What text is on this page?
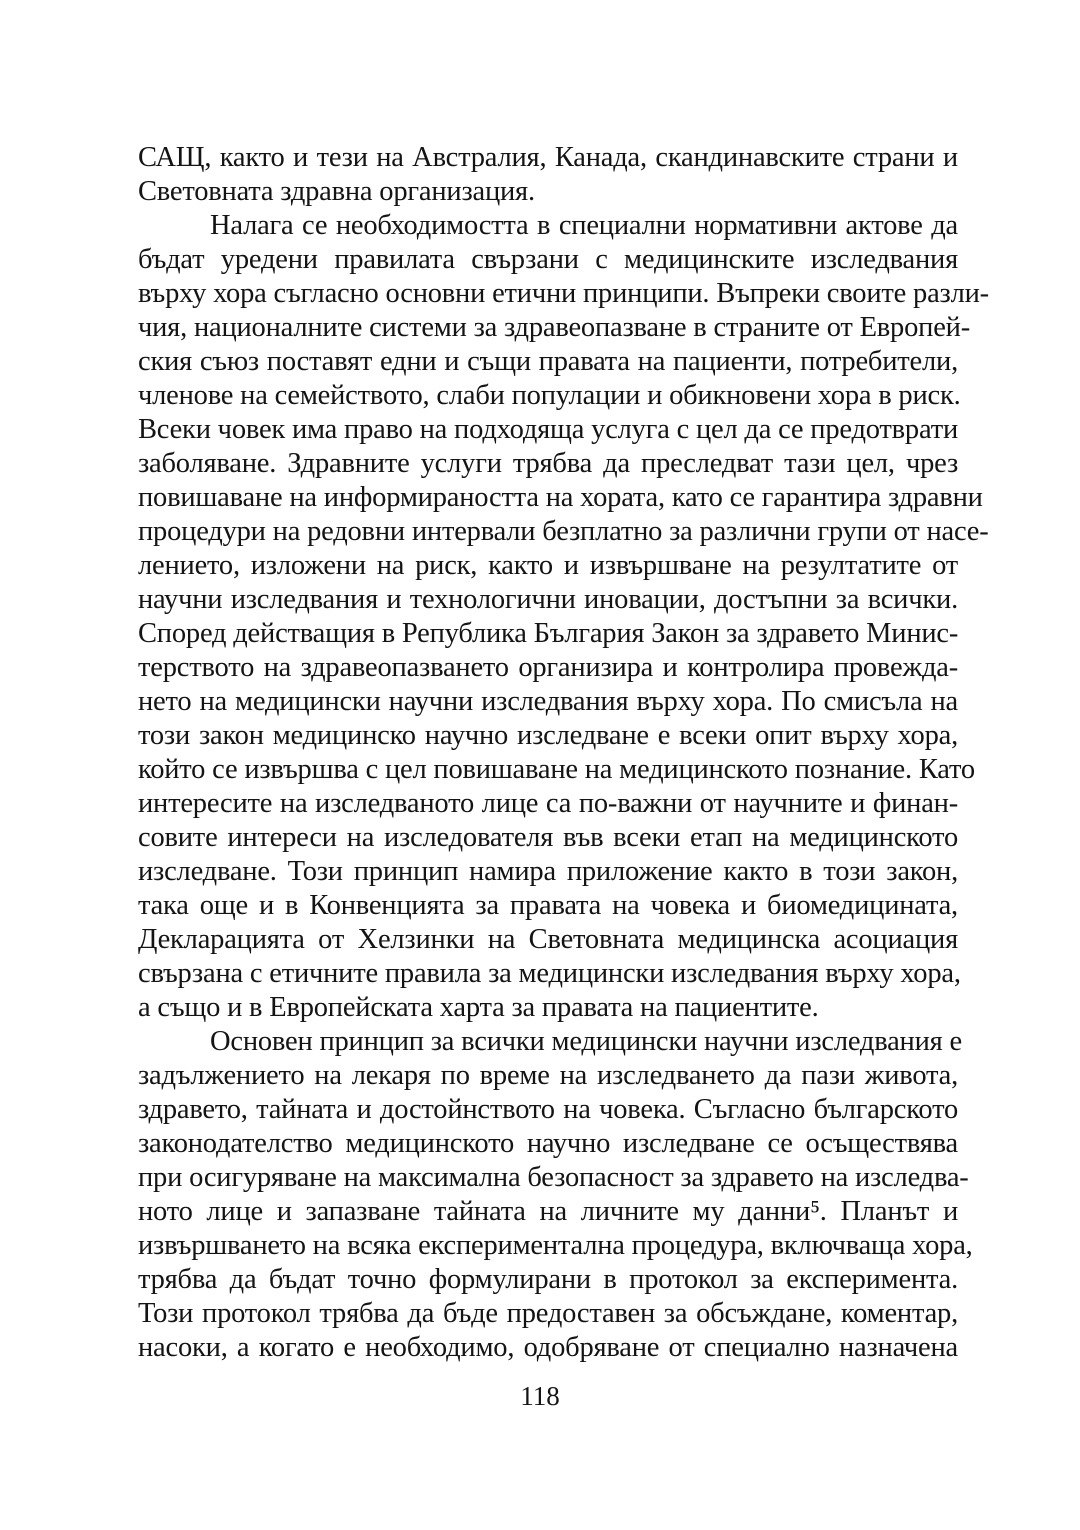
САЩ, както и тези на Австралия, Канада, скандинавските страни и
Световната здравна организация.
Налага се необходимостта в специални нормативни актове да
бъдат уредени правилата свързани с медицинските изследвания
върху хора съгласно основни етични принципи. Въпреки своите разли-
чия, националните системи за здравеопазване в страните от Европей-
ския съюз поставят едни и същи правата на пациенти, потребители,
членове на семейството, слаби популации и обикновени хора в риск.
Всеки човек има право на подходяща услуга с цел да се предотврати
заболяване. Здравните услуги трябва да преследват тази цел, чрез
повишаване на информираността на хората, като се гарантира здравни
процедури на редовни интервали безплатно за различни групи от насе-
лението, изложени на риск, както и извършване на резултатите от
научни изследвания и технологични иновации, достъпни за всички.
Според действащия в Република България Закон за здравето Минис-
терството на здравеопазването организира и контролира провежда-
нето на медицински научни изследвания върху хора. По смисъла на
този закон медицинско научно изследване е всеки опит върху хора,
който се извършва с цел повишаване на медицинското познание. Като
интересите на изследваното лице са по-важни от научните и финан-
совите интереси на изследователя във всеки етап на медицинското
изследване. Този принцип намира приложение както в този закон,
така още и в Конвенцията за правата на човека и биомедицината,
Декларацията от Хелзинки на Световната медицинска асоциация
свързана с етичните правила за медицински изследвания върху хора,
а също и в Европейската харта за правата на пациентите.
Основен принцип за всички медицински научни изследвания е
задължението на лекаря по време на изследването да пази живота,
здравето, тайната и достойнството на човека. Съгласно българското
законодателство медицинското научно изследване се осъществява
при осигуряване на максимална безопасност за здравето на изследва-
ното лице и запазване тайната на личните му данни⁵. Планът и
извършването на всяка експериментална процедура, включваща хора,
трябва да бъдат точно формулирани в протокол за експеримента.
Този протокол трябва да бъде предоставен за обсъждане, коментар,
насоки, а когато е необходимо, одобряване от специално назначена
118
